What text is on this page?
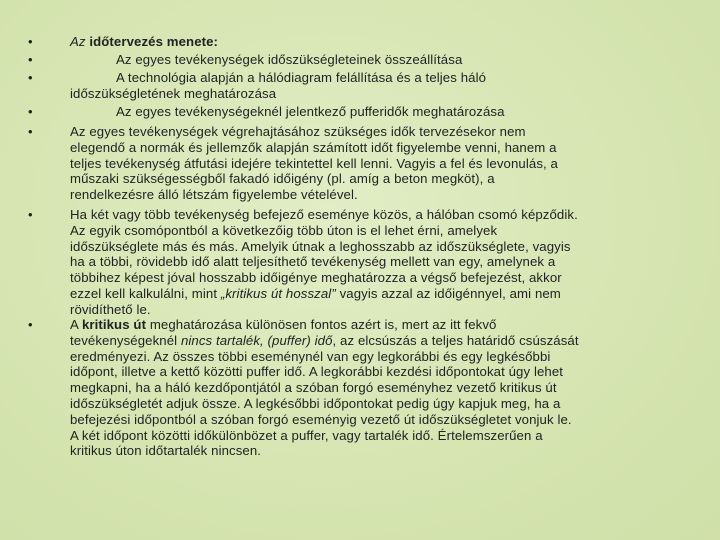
•	Az időtervezés menete:
•	Az egyes tevékenységek időszükségleteinek összeállítása
•	A technológia alapján a hálódiagram felállítása és a teljes háló
időszükségletének meghatározása
•	Az egyes tevékenységeknél jelentkező pufferidők meghatározása
•	Az egyes tevékenységek végrehajtásához szükséges idők tervezésekor nem
elegendő a normák és jellemzők alapján számított időt figyelembe venni, hanem a
teljes tevékenység átfutási idejére tekintettel kell lenni. Vagyis a fel és levonulás, a
műszaki szükségességből fakadó időigény (pl. amíg a beton megköt), a
rendelkezésre álló létszám figyelembe vételével.
•	Ha két vagy több tevékenység befejező eseménye közös, a hálóban csomó képződik.
Az egyik csomópontból a következőig több úton is el lehet érni, amelyek
időszükséglete más és más. Amelyik útnak a leghosszabb az időszükséglete, vagyis
ha a többi, rövidebb idő alatt teljesíthető tevékenység mellett van egy, amelynek a
többihez képest jóval hosszabb időigénye meghatározza a végső befejezést, akkor
ezzel kell kalkulálni, mint „kritikus út hosszal” vagyis azzal az időigénnyel, ami nem
rövidíthető le.
•	A kritikus út meghatározása különösen fontos azért is, mert az itt fekvő
tevékenységeknél nincs tartalék, (puffer) idő, az elcsúszás a teljes határidő csúszását
eredményezi. Az összes többi eseménynél van egy legkorábbi és egy legkésőbbi
időpont, illetve a kettő közötti puffer idő. A legkorábbi kezdési időpontokat úgy lehet
megkapni, ha a háló kezdőpontjától a szóban forgó eseményhez vezető kritikus út
időszükségletét adjuk össze. A legkésőbbi időpontokat pedig úgy kapjuk meg, ha a
befejezési időpontból a szóban forgó eseményig vezető út időszükségletet vonjuk le.
A két időpont közötti időkülönbözet a puffer, vagy tartalék idő. Értelemszerűen a
kritikus úton időtartalék nincsen.
